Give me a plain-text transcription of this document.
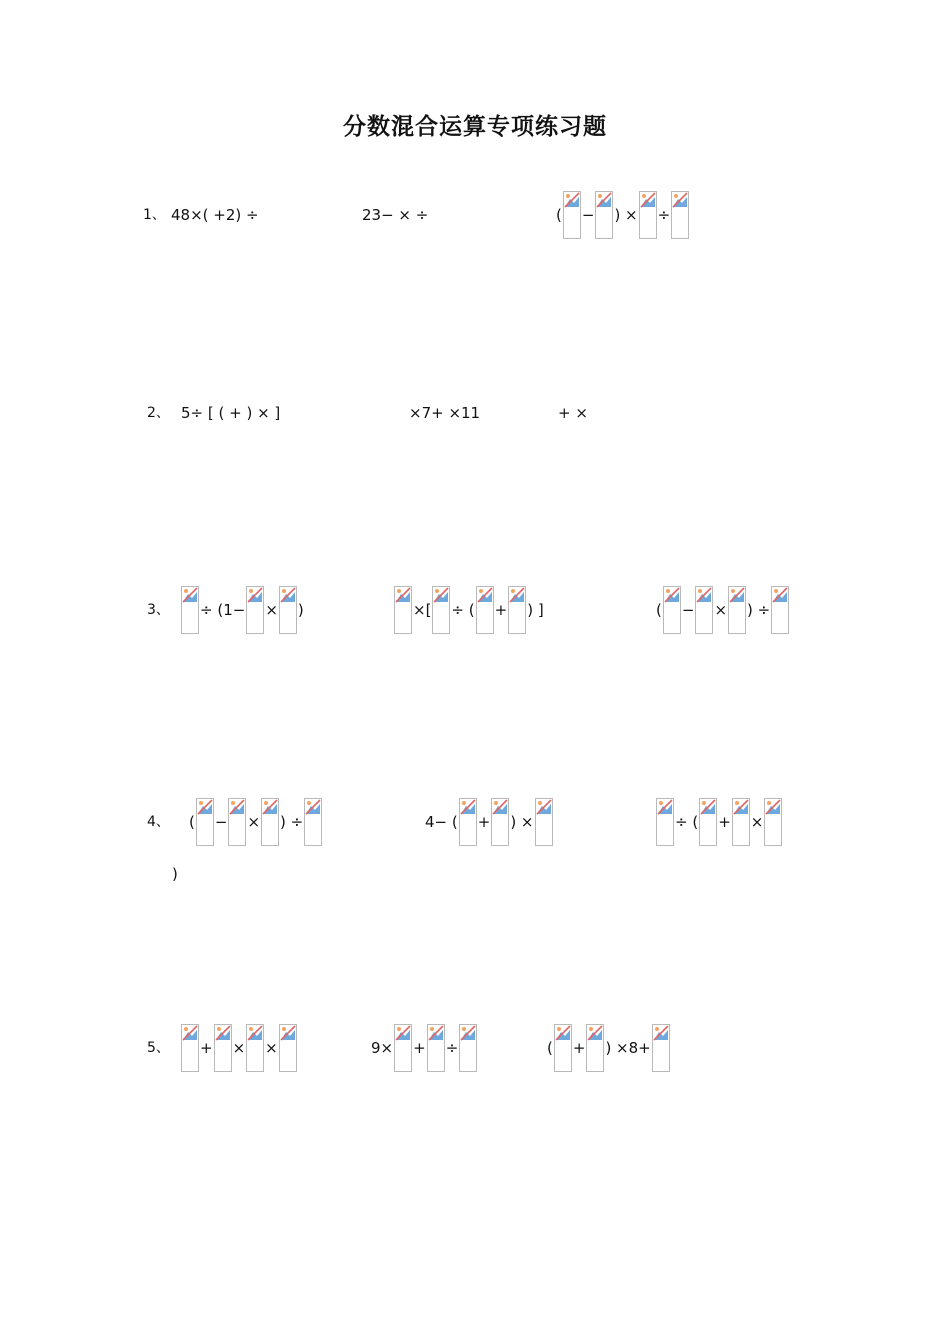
分数混合运算专项练习题
1、 48×( +2) ÷	23− × ÷	( − ) × ÷
2、 5÷ [ ( + ) × ]	×7+ ×11	+ ×
3、 ÷ (1− × )	×[ ÷ ( + ) ]	( − × ) ÷
4、 ( − × ) ÷	4− ( + ) ×	÷ ( + ×
)
5、 + × ×	9× + ÷	( + ) ×8+
